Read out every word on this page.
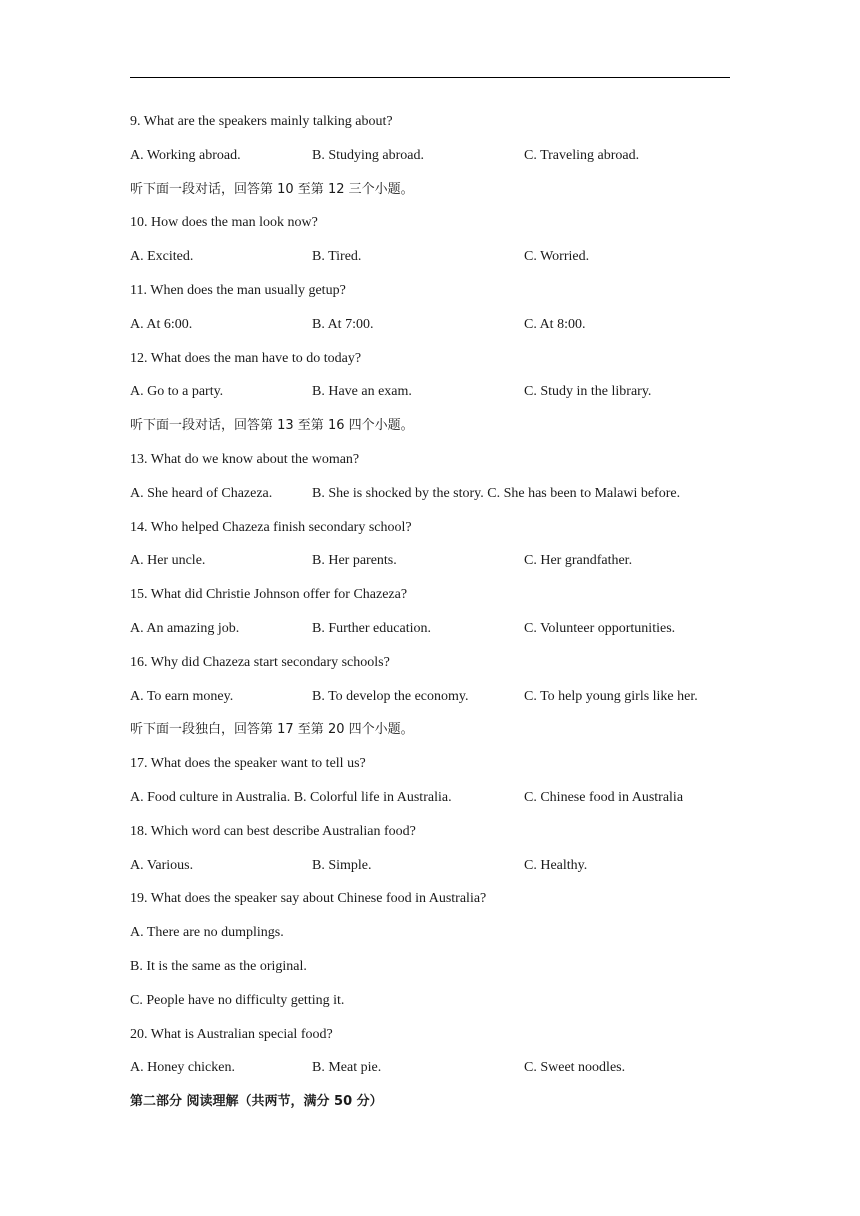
9. What are the speakers mainly talking about?
A. Working abroad.	B. Studying abroad.	C. Traveling abroad.
听下面一段对话，回答第 10 至第 12 三个小题。
10. How does the man look now?
A. Excited.	B. Tired.	C. Worried.
11. When does the man usually getup?
A. At 6:00.	B. At 7:00.	C. At 8:00.
12. What does the man have to do today?
A. Go to a party.	B. Have an exam.	C. Study in the library.
听下面一段对话，回答第 13 至第 16 四个小题。
13. What do we know about the woman?
A. She heard of Chazeza.	B. She is shocked by the story. C. She has been to Malawi before.
14. Who helped Chazeza finish secondary school?
A. Her uncle.	B. Her parents.	C. Her grandfather.
15. What did Christie Johnson offer for Chazeza?
A. An amazing job.	B. Further education.	C. Volunteer opportunities.
16. Why did Chazeza start secondary schools?
A. To earn money.	B. To develop the economy.	C. To help young girls like her.
听下面一段独白，回答第 17 至第 20 四个小题。
17. What does the speaker want to tell us?
A. Food culture in Australia. B. Colorful life in Australia.	C. Chinese food in Australia
18. Which word can best describe Australian food?
A. Various.	B. Simple.	C. Healthy.
19. What does the speaker say about Chinese food in Australia?
A. There are no dumplings.
B. It is the same as the original.
C. People have no difficulty getting it.
20. What is Australian special food?
A. Honey chicken.	B. Meat pie.	C. Sweet noodles.
第二部分 阅读理解（共两节，满分 50 分）
